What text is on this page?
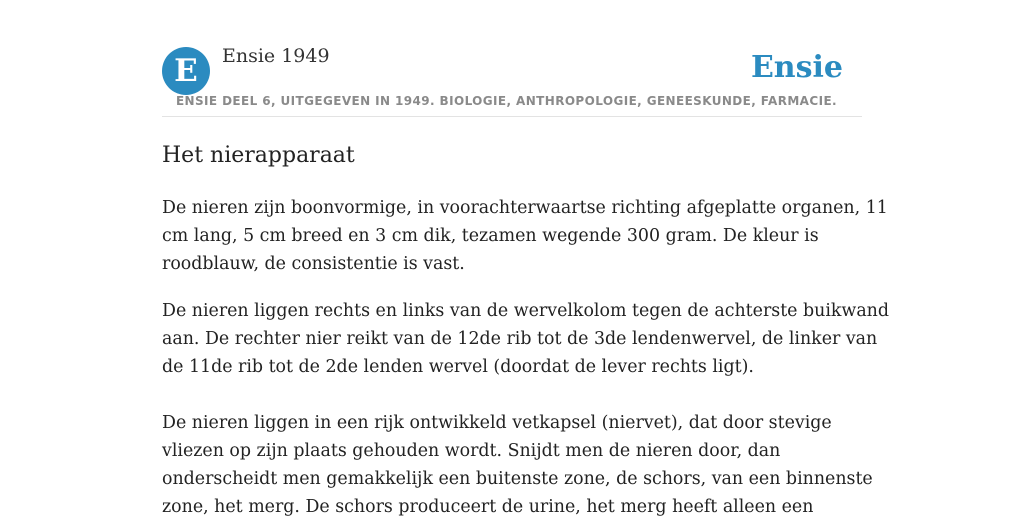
E	Ensie 1949	Ensie
ENSIE DEEL 6, UITGEGEVEN IN 1949. BIOLOGIE, ANTHROPOLOGIE, GENEESKUNDE, FARMACIE.
Het nierapparaat

De nieren zijn boonvormige, in voorachterwaartse richting afgeplatte organen, 11
cm lang, 5 cm breed en 3 cm dik, tezamen wegende 300 gram. De kleur is
roodblauw, de consistentie is vast.

De nieren liggen rechts en links van de wervelkolom tegen de achterste buikwand
aan. De rechter nier reikt van de 12de rib tot de 3de lendenwervel, de linker van
de 11de rib tot de 2de lenden wervel (doordat de lever rechts ligt).

De nieren liggen in een rijk ontwikkeld vetkapsel (niervet), dat door stevige
vliezen op zijn plaats gehouden wordt. Snijdt men de nieren door, dan
onderscheidt men gemakkelijk een buitenste zone, de schors, van een binnenste
zone, het merg. De schors produceert de urine, het merg heeft alleen een
